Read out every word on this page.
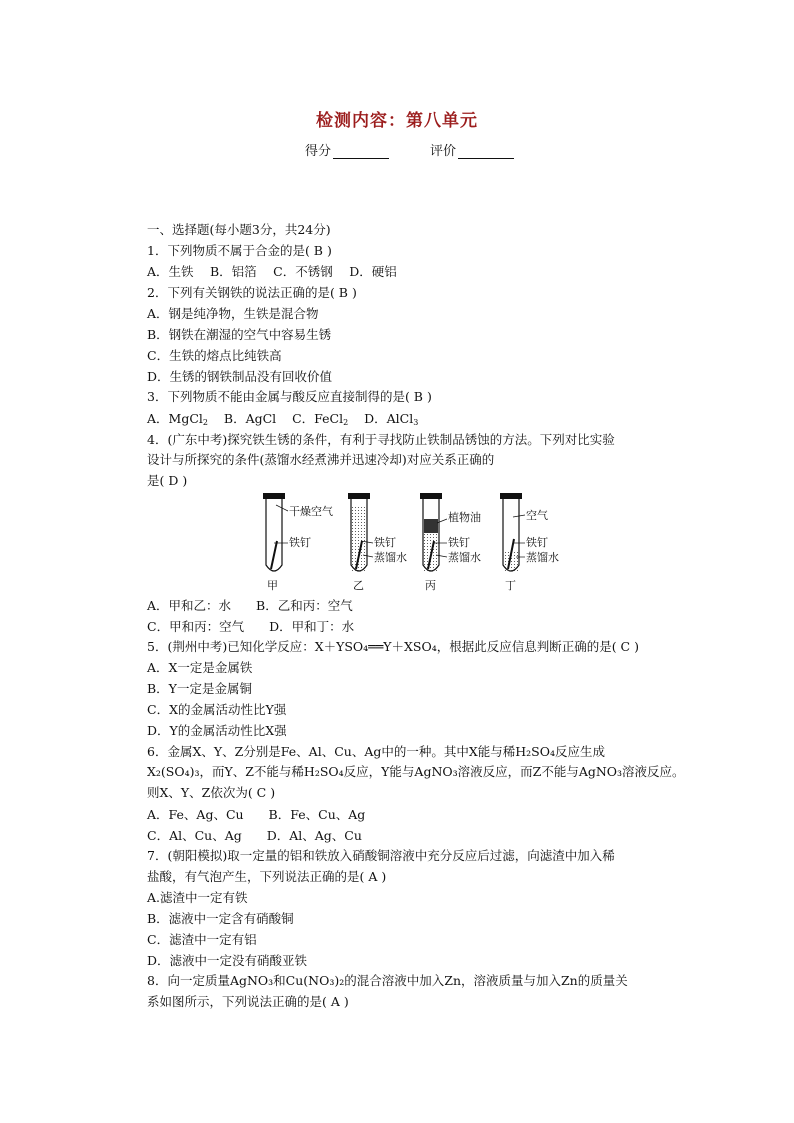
检测内容：第八单元
得分	评价
一、选择题(每小题3分，共24分)
1．下列物质不属于合金的是( B )
A．生铁　 B．铝箔　 C．不锈钢　 D．硬铝
2．下列有关钢铁的说法正确的是( B )
A．钢是纯净物，生铁是混合物
B．钢铁在潮湿的空气中容易生锈
C．生铁的熔点比纯铁高
D．生锈的钢铁制品没有回收价值
3．下列物质不能由金属与酸反应直接制得的是( B )
A．MgCl$_2$ B．AgCl C．FeCl$_2$ D．AlCl$_3$
4．(广东中考)探究铁生锈的条件，有利于寻找防止铁制品锈蚀的方法。下列对比实验
设计与所探究的条件(蒸馏水经煮沸并迅速冷却)对应关系正确的
是( D )
干燥空气
铁钉
甲
铁钉
蒸馏水
乙
植物油
铁钉
蒸馏水
丙
空气
铁钉
蒸馏水
丁
A．甲和乙：水　　B．乙和丙：空气
C．甲和丙：空气　　D．甲和丁：水
5．(荆州中考)已知化学反应：X＋YSO₄══Y＋XSO₄，根据此反应信息判断正确的是( C )
A．X一定是金属铁
B．Y一定是金属铜
C．X的金属活动性比Y强
D．Y的金属活动性比X强
6．金属X、Y、Z分别是Fe、Al、Cu、Ag中的一种。其中X能与稀H₂SO₄反应生成
X₂(SO₄)₃，而Y、Z不能与稀H₂SO₄反应，Y能与AgNO₃溶液反应，而Z不能与AgNO₃溶液反应。
则X、Y、Z依次为( C )
A．Fe、Ag、Cu　　B．Fe、Cu、Ag
C．Al、Cu、Ag　　D．Al、Ag、Cu
7．(朝阳模拟)取一定量的铝和铁放入硝酸铜溶液中充分反应后过滤，向滤渣中加入稀
盐酸，有气泡产生，下列说法正确的是( A )
A.滤渣中一定有铁
B．滤液中一定含有硝酸铜
C．滤渣中一定有铝
D．滤液中一定没有硝酸亚铁
8．向一定质量AgNO₃和Cu(NO₃)₂的混合溶液中加入Zn，溶液质量与加入Zn的质量关
系如图所示，下列说法正确的是( A )
